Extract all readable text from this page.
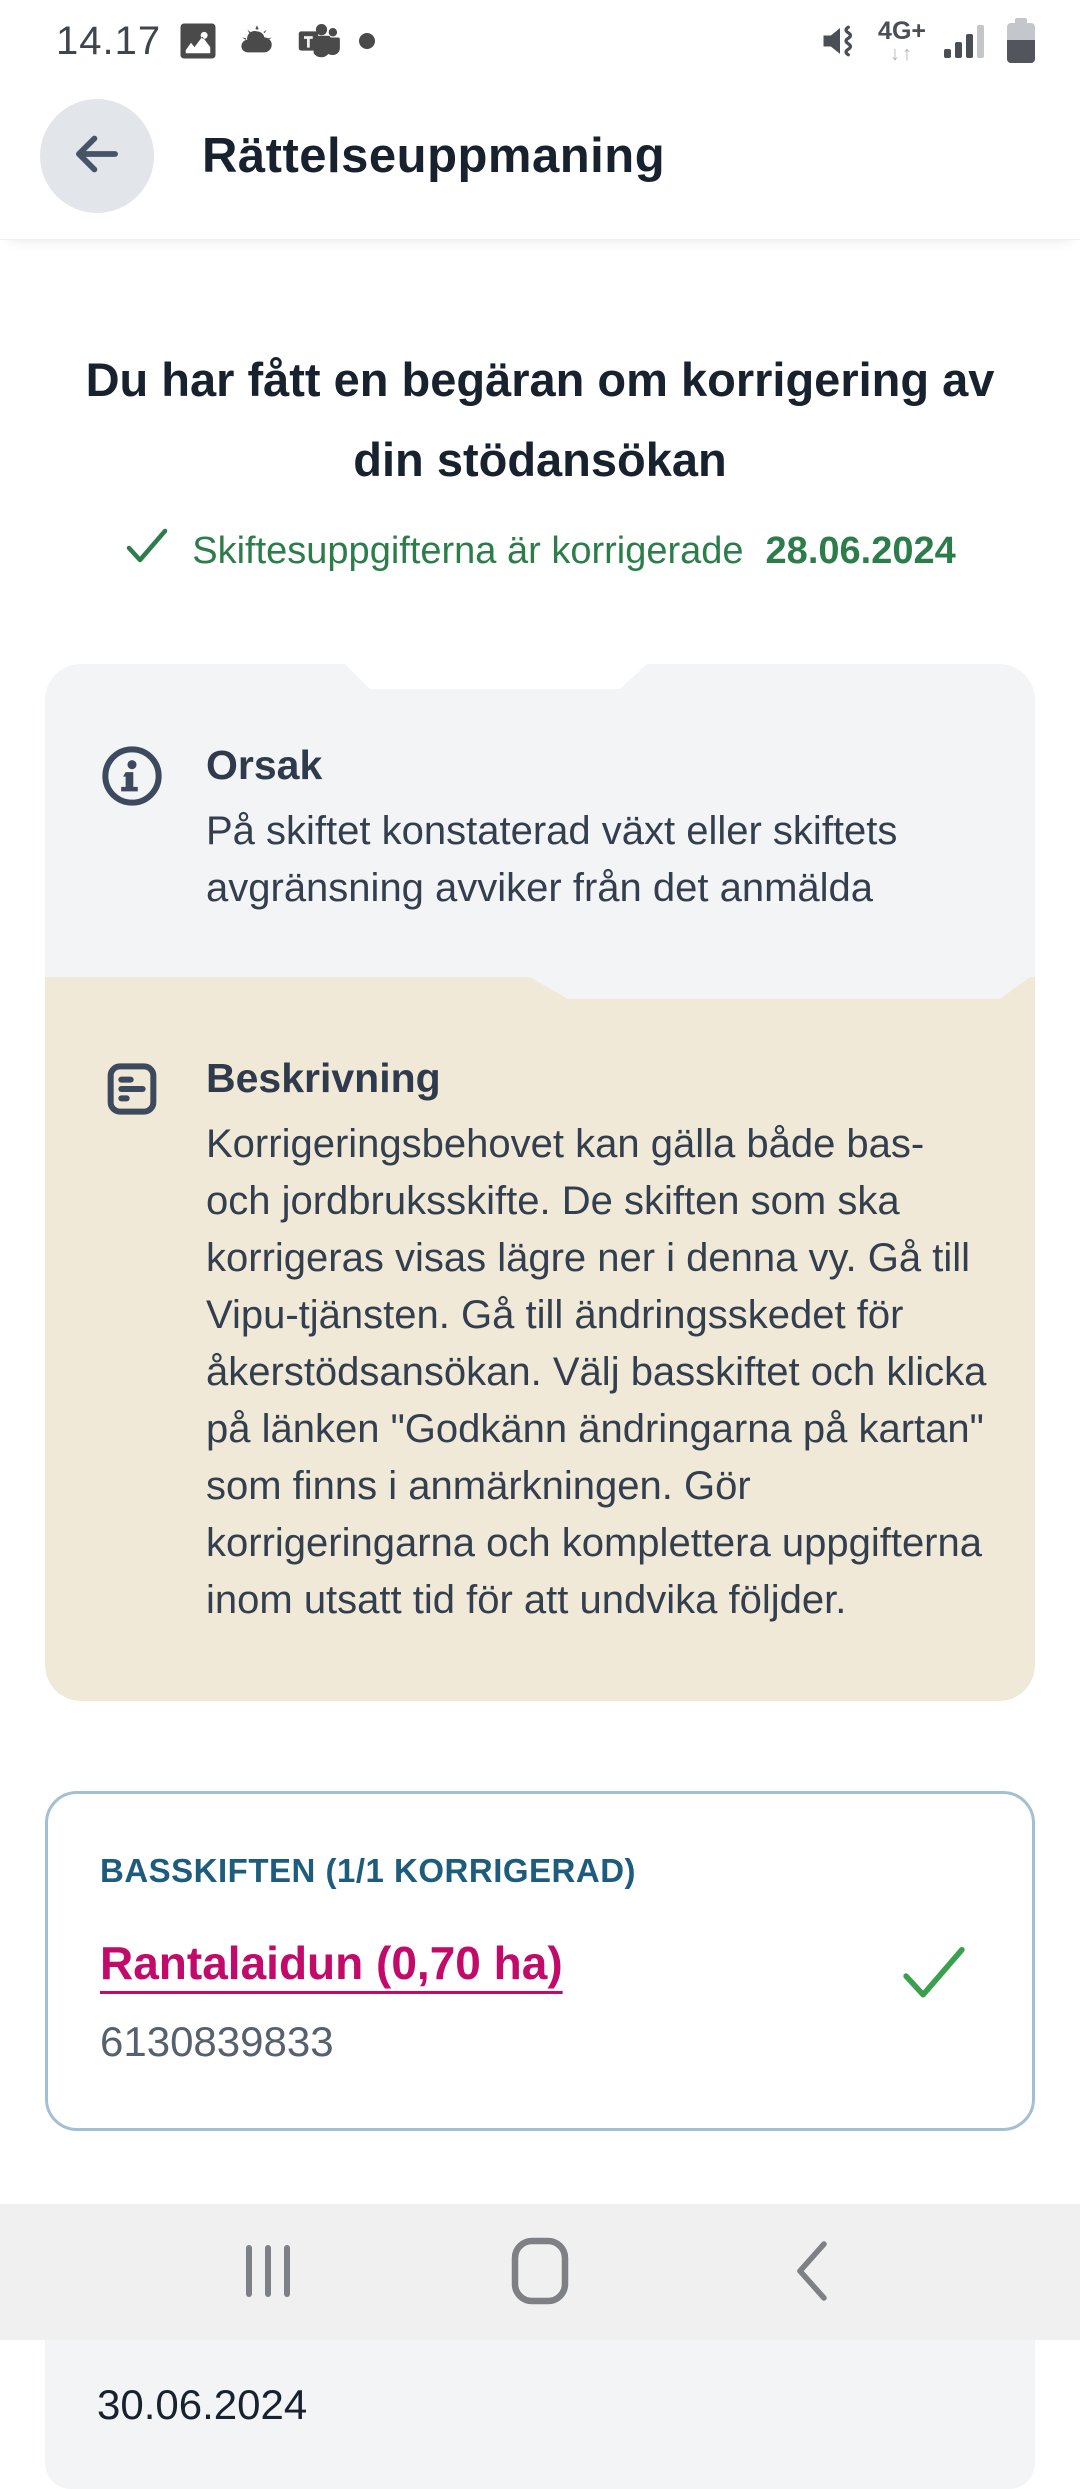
14.17	4G+
↓↑
Rättelseuppmaning
Du har fått en begäran om korrigering av din stödansökan
Skiftesuppgifterna är korrigerade 28.06.2024
Orsak
På skiftet konstaterad växt eller skiftets avgränsning avviker från det anmälda
Beskrivning
Korrigeringsbehovet kan gälla både bas- och jordbruksskifte. De skiften som ska korrigeras visas lägre ner i denna vy. Gå till Vipu-tjänsten. Gå till ändringsskedet för åkerstödsansökan. Välj basskiftet och klicka på länken "Godkänn ändringarna på kartan" som finns i anmärkningen. Gör korrigeringarna och komplettera uppgifterna inom utsatt tid för att undvika följder.
BASSKIFTEN (1/1 KORRIGERAD)
Rantalaidun (0,70 ha)
6130839833
30.06.2024
